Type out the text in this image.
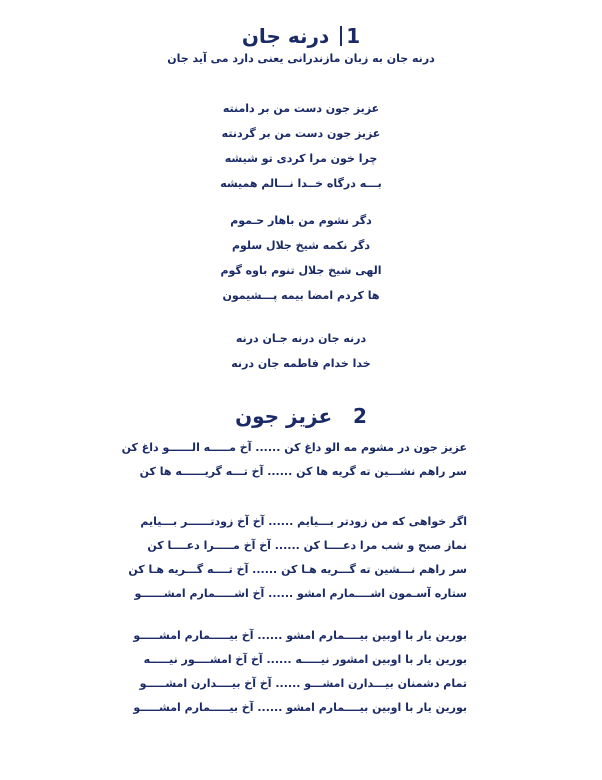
1 درنه جان
درنه جان به زبان مازندرانی یعنی دارد می آید جان
عزیز جون دست من بر دامنته
عزیز جون دست من بر گردنته
چرا خون مرا کردی تو شیشه
بـــه درگاه خــدا نـــالم همیشه
دگر نشوم من باهار حـموم
دگر نکمه شیخ جلال سلوم
الهی شیخ جلال تنوم باوه گوم
ها کردم امضا بیمه پـــشیمون
درنه جان درنه جـان درنه
خدا خدام فاطمه جان درنه
2   عزیز جون
عزیز جون در مشوم مه الو داغ کن ...... آخ مـــــه الــــــو داغ کن
سر راهم نشـــین ته گریه ها کن ...... آخ تـــه گریــــــه ها کن
اگر خواهی که من زودتر بـــیایم ...... آخ آخ زودتــــــر بـــیایم
نماز صبح و شب مرا دعــــا کن ...... آخ آخ مـــــرا دعــــا کن
سر راهم نـــشین ته گـــریه هـا کن ...... آخ تــــه گـــریه هـا کن
ستاره آسـمون اشــــمارم امشو ...... آخ اشـــــمارم امشــــــو
بورین یار با اوبین بیــــمارم امشو ...... آخ بیـــــمارم امشـــــو
بورین یار با اوبین امشور نیـــــه ...... آخ آخ امشــــور نیـــــه
تمام دشمنان بیـــدارن امشـــو ...... آخ آخ بیــــدارن امشـــــو
بورین یار با اوبین بیــــمارم امشو ...... آخ بیـــــمارم امشـــــو
